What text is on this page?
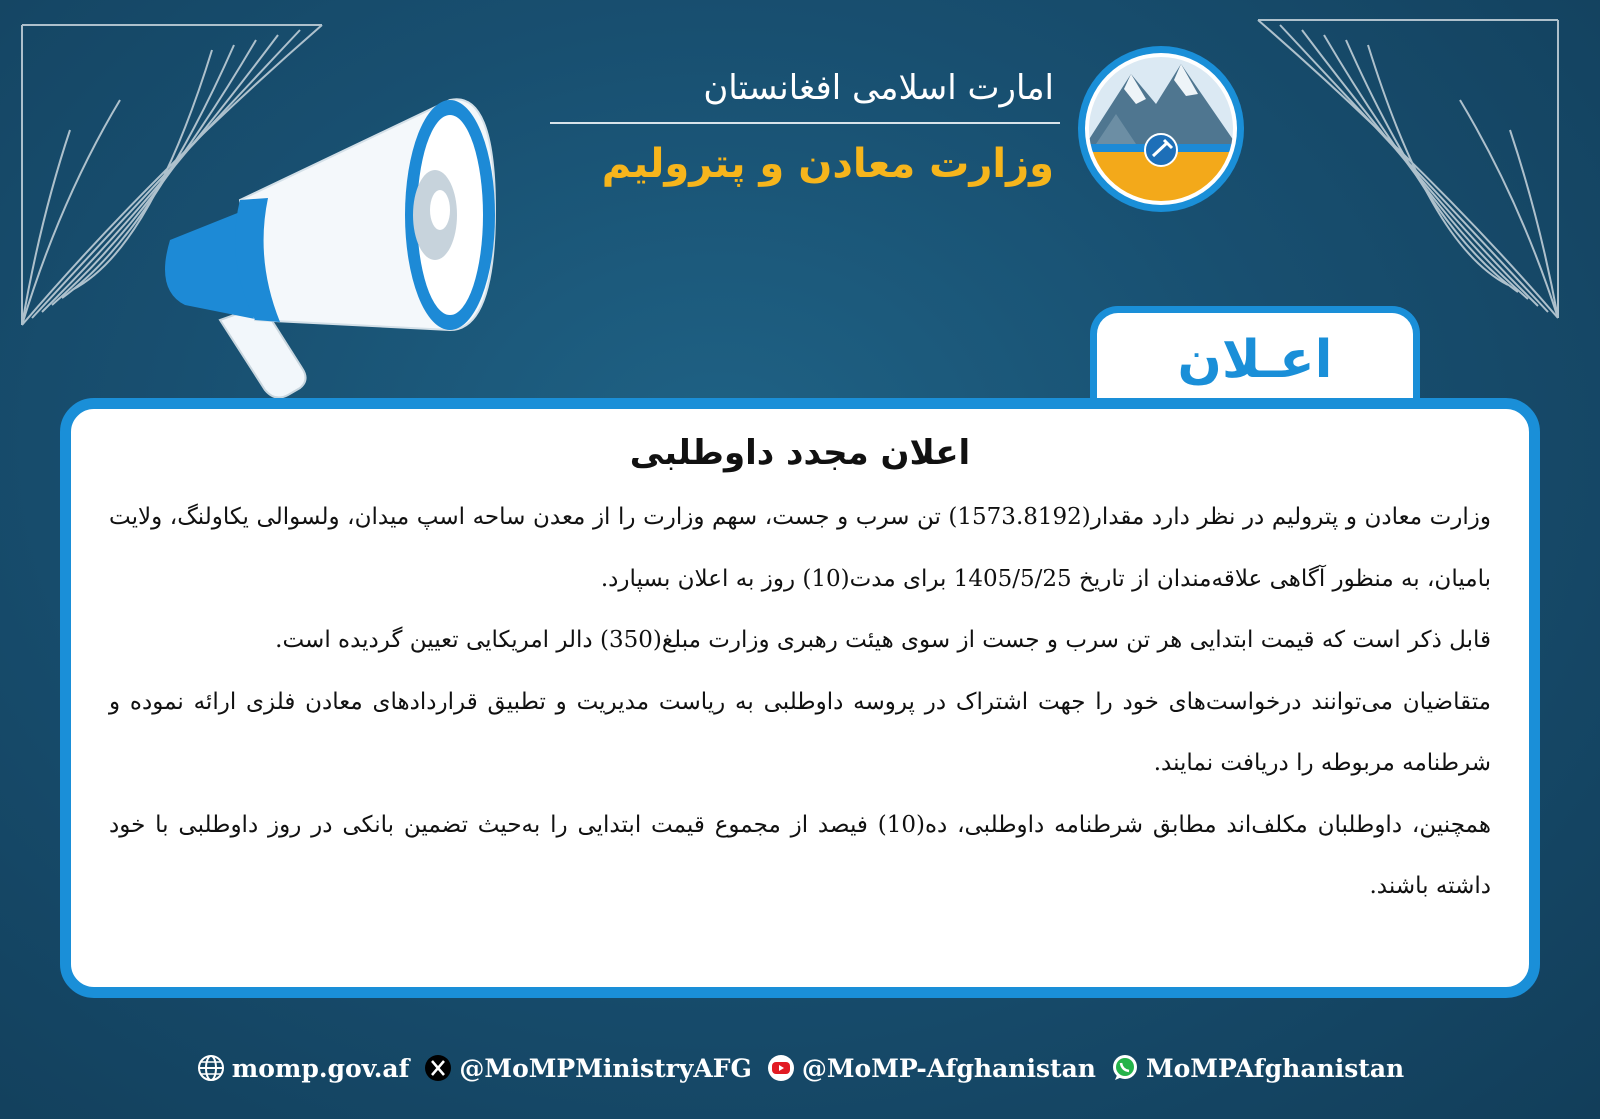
امارت اسلامی افغانستان

وزارت معادن و پترولیم

اعـلان
اعلان مجدد داوطلبی

وزارت معادن و پترولیم در نظر دارد مقدار(1573.8192) تن سرب و جست، سهم وزارت را از معدن ساحه اسپ میدان، ولسوالی یکاولنگ، ولایت بامیان، به منظور آگاهی علاقه‌مندان از تاریخ 1405/5/25 برای مدت(10) روز به اعلان بسپارد.

قابل ذکر است که قیمت ابتدایی هر تن سرب و جست از سوی هیئت رهبری وزارت مبلغ(350) دالر امریکایی تعیین گردیده است.

متقاضیان می‌توانند درخواست‌های خود را جهت اشتراک در پروسه داوطلبی به ریاست مدیریت و تطبیق قراردادهای معادن فلزی ارائه نموده و شرطنامه مربوطه را دریافت نمایند.

همچنین، داوطلبان مکلف‌اند مطابق شرطنامه داوطلبی، ده(10) فیصد از مجموع قیمت ابتدایی را به‌حیث تضمین بانکی در روز داوطلبی با خود داشته باشند.

momp.gov.af @MoMPMinistryAFG @MoMP-Afghanistan MoMPAfghanistan
